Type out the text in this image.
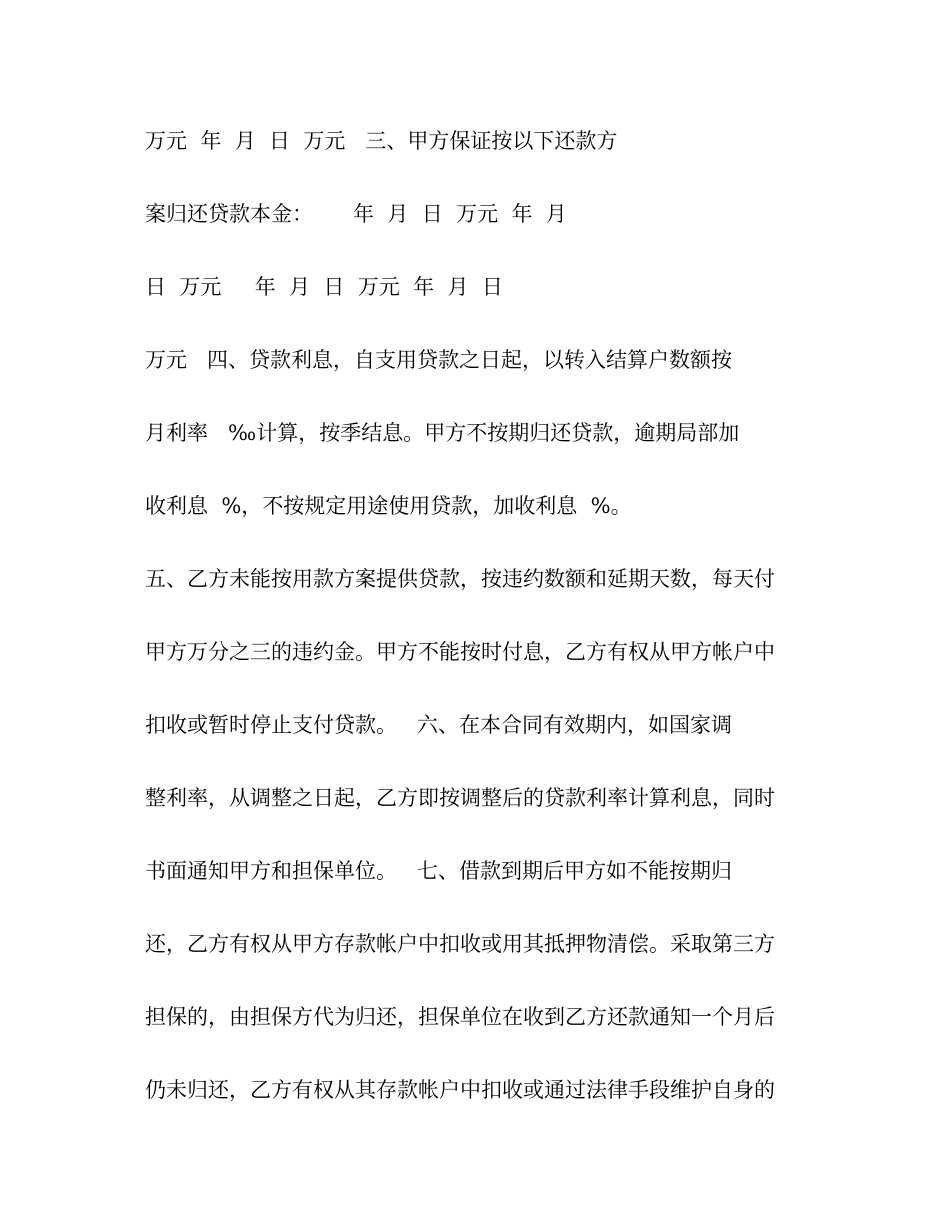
万元  年  月  日  万元   三、甲方保证按以下还款方
案归还贷款本金：      年  月  日  万元  年  月
日  万元     年  月  日  万元  年  月  日
万元   四、贷款利息，自支用贷款之日起，以转入结算户数额按
月利率   ‰计算，按季结息。甲方不按期归还贷款，逾期局部加
收利息  %，不按规定用途使用贷款，加收利息  %。
五、乙方未能按用款方案提供贷款，按违约数额和延期天数，每天付
甲方万分之三的违约金。甲方不能按时付息，乙方有权从甲方帐户中
扣收或暂时停止支付贷款。   六、在本合同有效期内，如国家调
整利率，从调整之日起，乙方即按调整后的贷款利率计算利息，同时
书面通知甲方和担保单位。   七、借款到期后甲方如不能按期归
还，乙方有权从甲方存款帐户中扣收或用其抵押物清偿。采取第三方
担保的，由担保方代为归还，担保单位在收到乙方还款通知一个月后
仍未归还，乙方有权从其存款帐户中扣收或通过法律手段维护自身的
